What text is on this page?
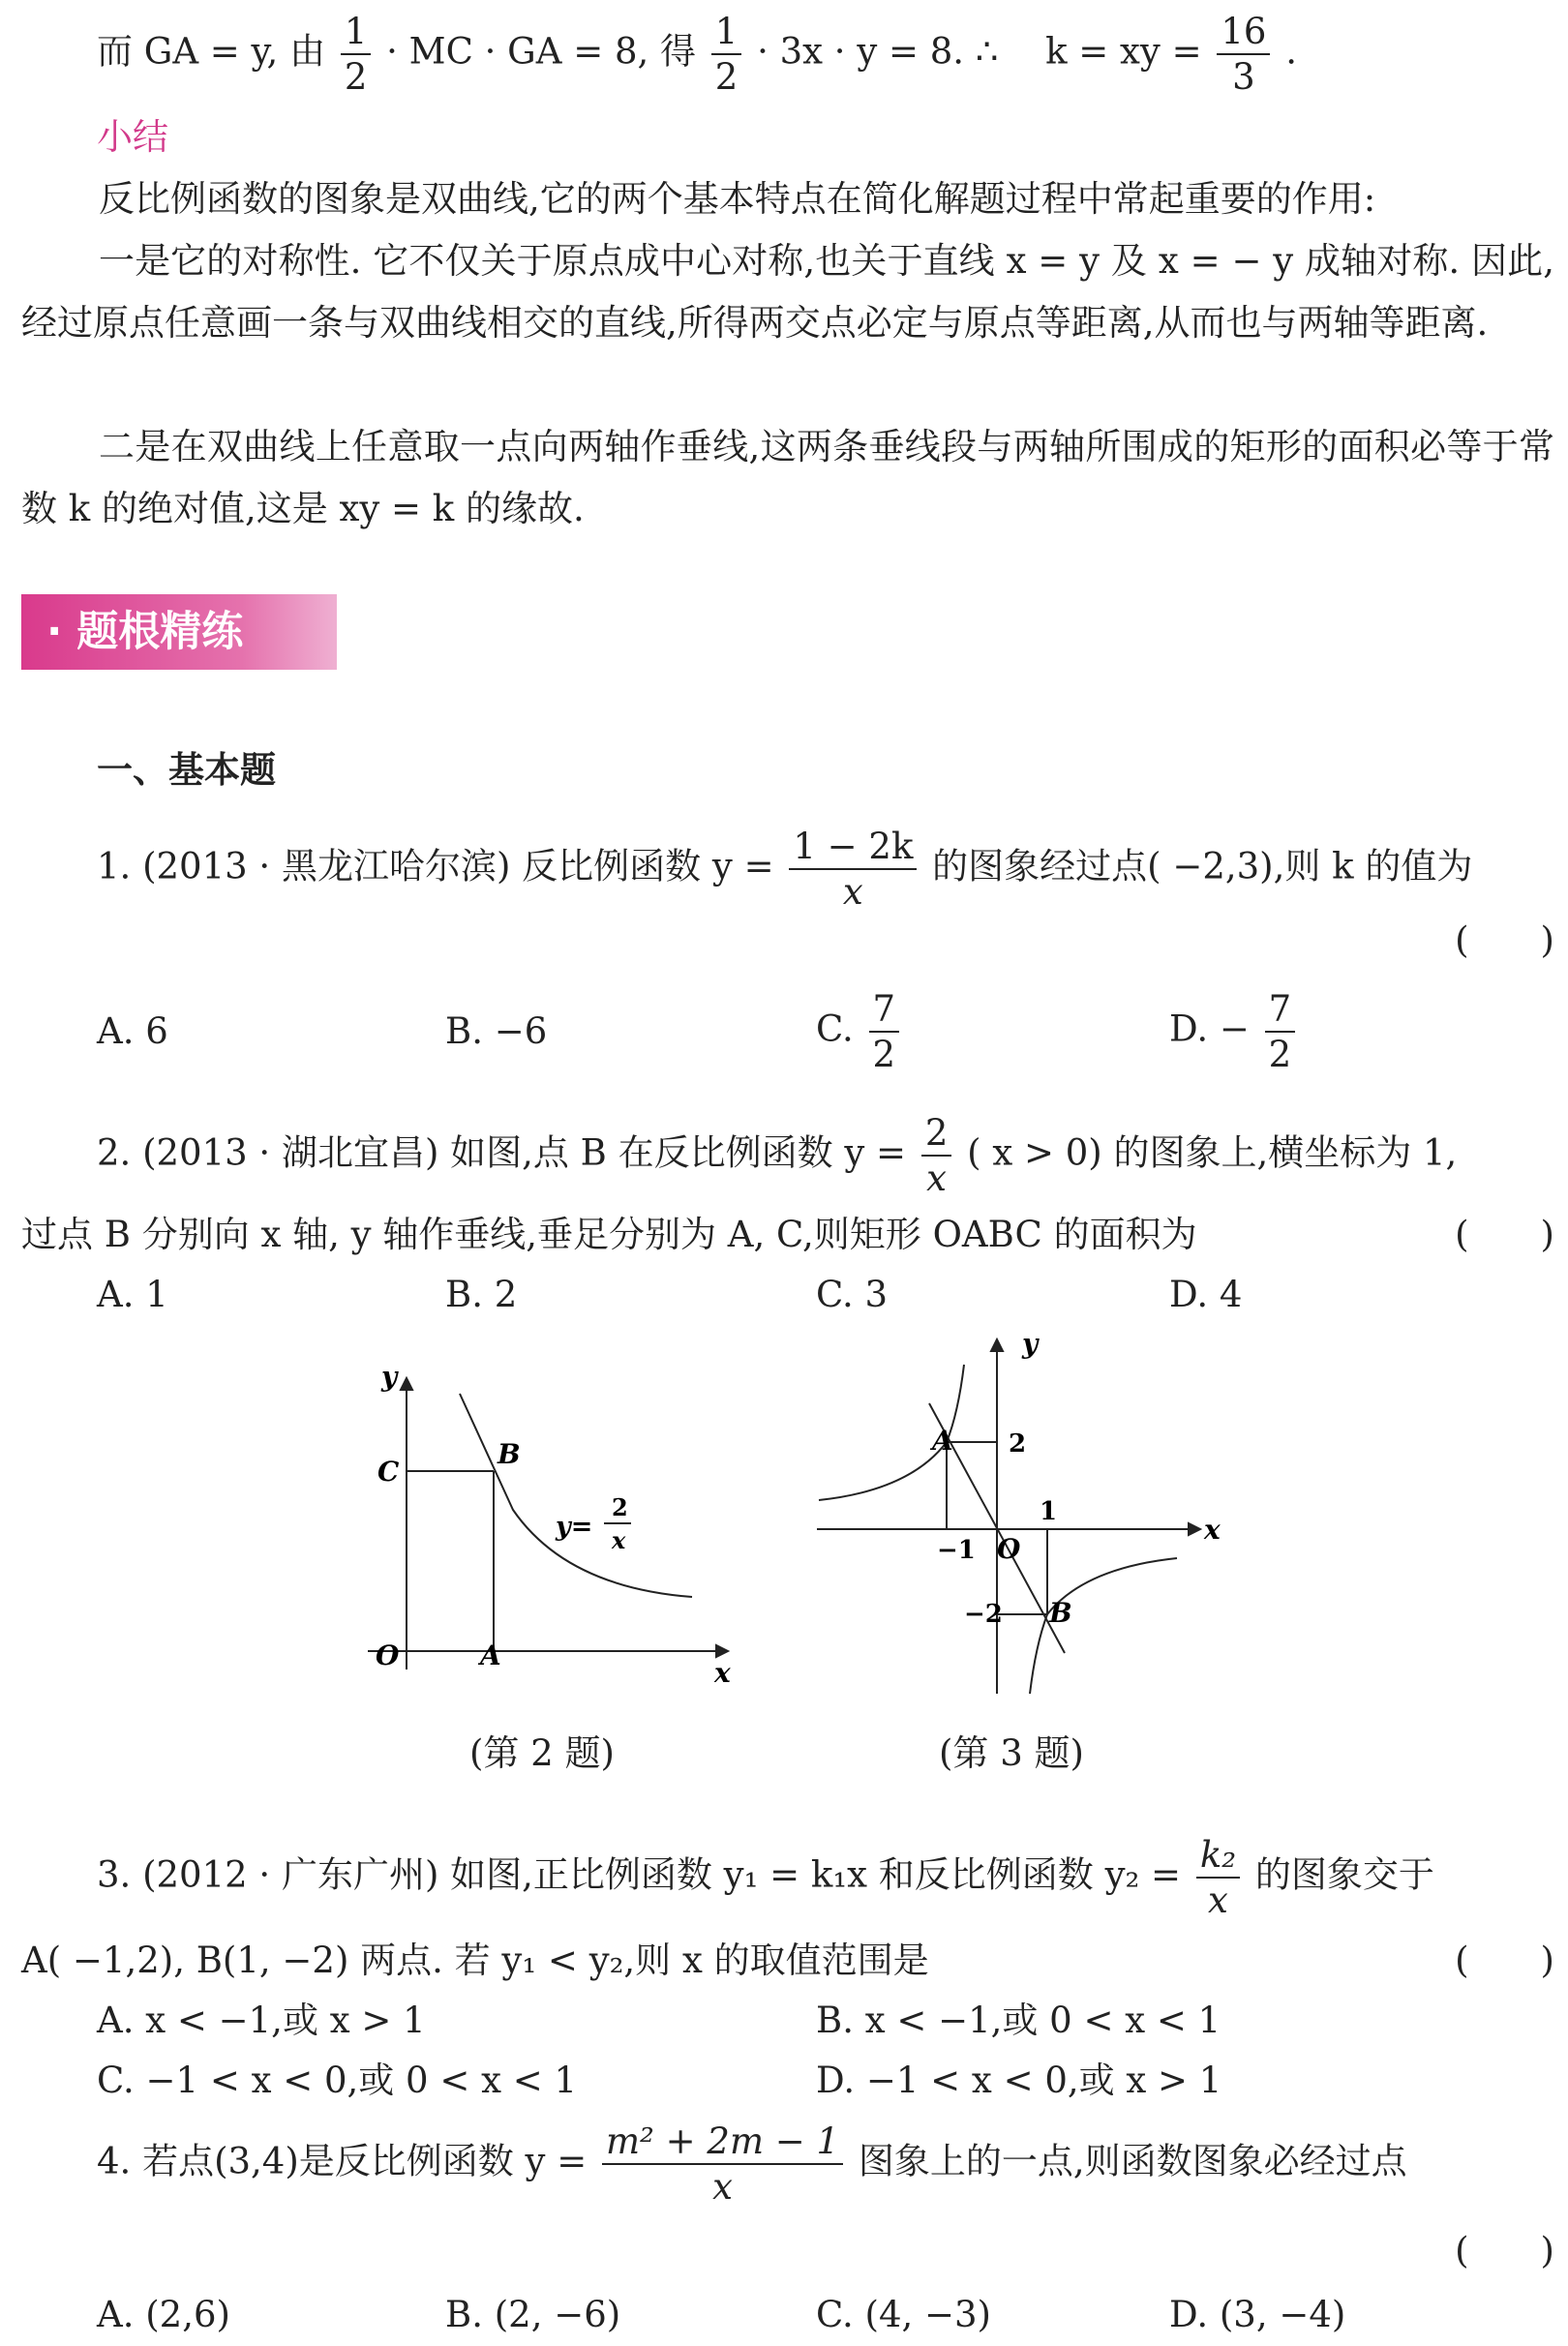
而 GA = y, 由 $\frac{1}{2}$ · MC · GA = 8, 得 $\frac{1}{2} \cdot 3x \cdot y = 8$. ∴　 k = xy = $\frac{16}{3}$ .
小结
反比例函数的图象是双曲线,它的两个基本特点在简化解题过程中常起重要的作用:
一是它的对称性. 它不仅关于原点成中心对称,也关于直线 x = y 及 x = − y 成轴对称. 因此,经过原点任意画一条与双曲线相交的直线,所得两交点必定与原点等距离,从而也与两轴等距离.
二是在双曲线上任意取一点向两轴作垂线,这两条垂线段与两轴所围成的矩形的面积必等于常数 k 的绝对值,这是 xy = k 的缘故.
· 题根精练
一、基本题
1. (2013 · 黑龙江哈尔滨) 反比例函数 $y = \frac{1 - 2k}{x}$ 的图象经过点( −2,3),则 k 的值为
(　　)
A. 6	B. −6	C. $\frac{7}{2}$	D. − $\frac{7}{2}$
2. (2013 · 湖北宜昌) 如图,点 B 在反比例函数 $y = \frac{2}{x}$ ( x > 0) 的图象上,横坐标为 1,
过点 B 分别向 x 轴, y 轴作垂线,垂足分别为 A, C,则矩形 OABC 的面积为	(　　)
A. 1	B. 2	C. 3	D. 4
y
x
O	A
B
C
y=
2
x
(第 2 题)
y
x
O
A
B
2
−2
1
−1
(第 3 题)
3. (2012 · 广东广州) 如图,正比例函数 y₁ = k₁x 和反比例函数 $y_2 = \frac{\text{k₂}}{x}$ 的图象交于
A( −1,2), B(1, −2) 两点. 若 y₁ < y₂,则 x 的取值范围是	(　　)
A. x < −1,或 x > 1	B. x < −1,或 0 < x < 1
C. −1 < x < 0,或 0 < x < 1	D. −1 < x < 0,或 x > 1
4. 若点(3,4)是反比例函数 $y = \frac{\text{m² + 2m − 1}}{x}$ 图象上的一点,则函数图象必经过点
(　　)
A. (2,6)	B. (2, −6)	C. (4, −3)	D. (3, −4)
